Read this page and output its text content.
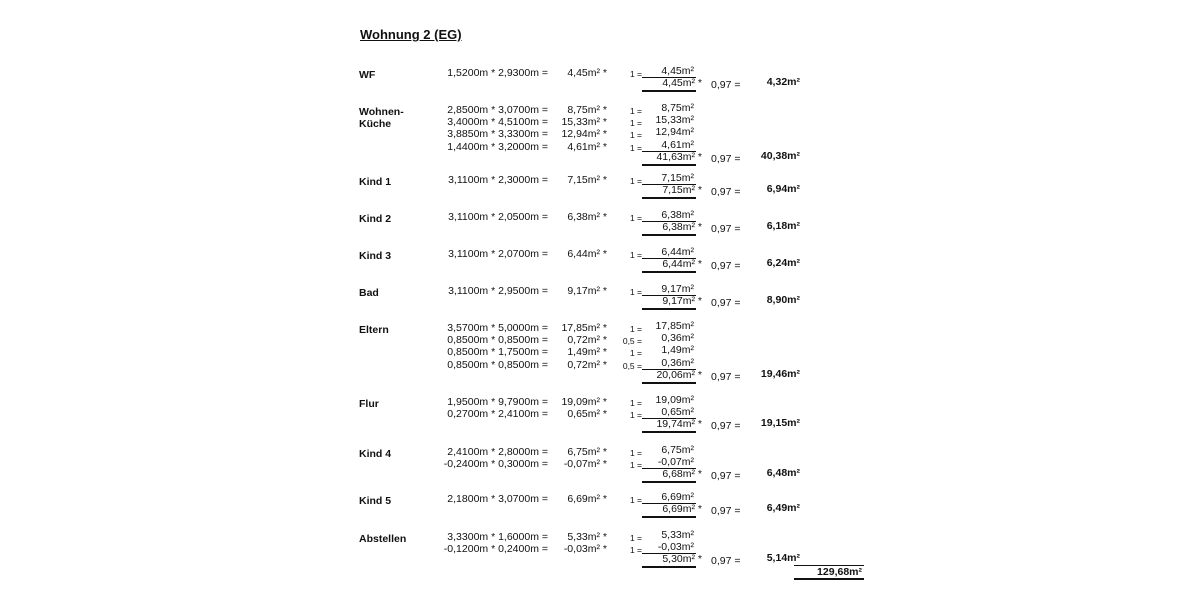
Wohnung 2 (EG)
WF	1,5200m * 2,9300m = 4,45m² *	1 = 4,45m²
4,45m² * 0,97 = 4,32m²
Wohnen-
Küche
2,8500m * 3,0700m = 8,75m² *	1 = 8,75m²
3,4000m * 4,5100m = 15,33m² *	1 = 15,33m²
3,8850m * 3,3300m = 12,94m² *	1 = 12,94m²
1,4400m * 3,2000m = 4,61m² *	1 = 4,61m²
41,63m² * 0,97 = 40,38m²
Kind 1	3,1100m * 2,3000m = 7,15m² *	1 = 7,15m²
7,15m² * 0,97 = 6,94m²
Kind 2	3,1100m * 2,0500m = 6,38m² *	1 = 6,38m²
6,38m² * 0,97 = 6,18m²
Kind 3	3,1100m * 2,0700m = 6,44m² *	1 = 6,44m²
6,44m² * 0,97 = 6,24m²
Bad	3,1100m * 2,9500m = 9,17m² *	1 = 9,17m²
9,17m² * 0,97 = 8,90m²
Eltern	3,5700m * 5,0000m = 17,85m² *	1 = 17,85m²
0,8500m * 0,8500m = 0,72m² * 0,5 = 0,36m²
0,8500m * 1,7500m = 1,49m² *	1 = 1,49m²
0,8500m * 0,8500m = 0,72m² * 0,5 = 0,36m²
20,06m² * 0,97 = 19,46m²
Flur	1,9500m * 9,7900m = 19,09m² *	1 = 19,09m²
0,2700m * 2,4100m = 0,65m² *	1 = 0,65m²
19,74m² * 0,97 = 19,15m²
Kind 4	2,4100m * 2,8000m = 6,75m² *	1 = 6,75m²
-0,2400m * 0,3000m = -0,07m² *	1 = -0,07m²
6,68m² * 0,97 = 6,48m²
Kind 5	2,1800m * 3,0700m = 6,69m² *	1 = 6,69m²
6,69m² * 0,97 = 6,49m²
Abstellen	3,3300m * 1,6000m = 5,33m² *	1 = 5,33m²
-0,1200m * 0,2400m = -0,03m² *	1 = -0,03m²
5,30m² * 0,97 = 5,14m²
129,68m²
